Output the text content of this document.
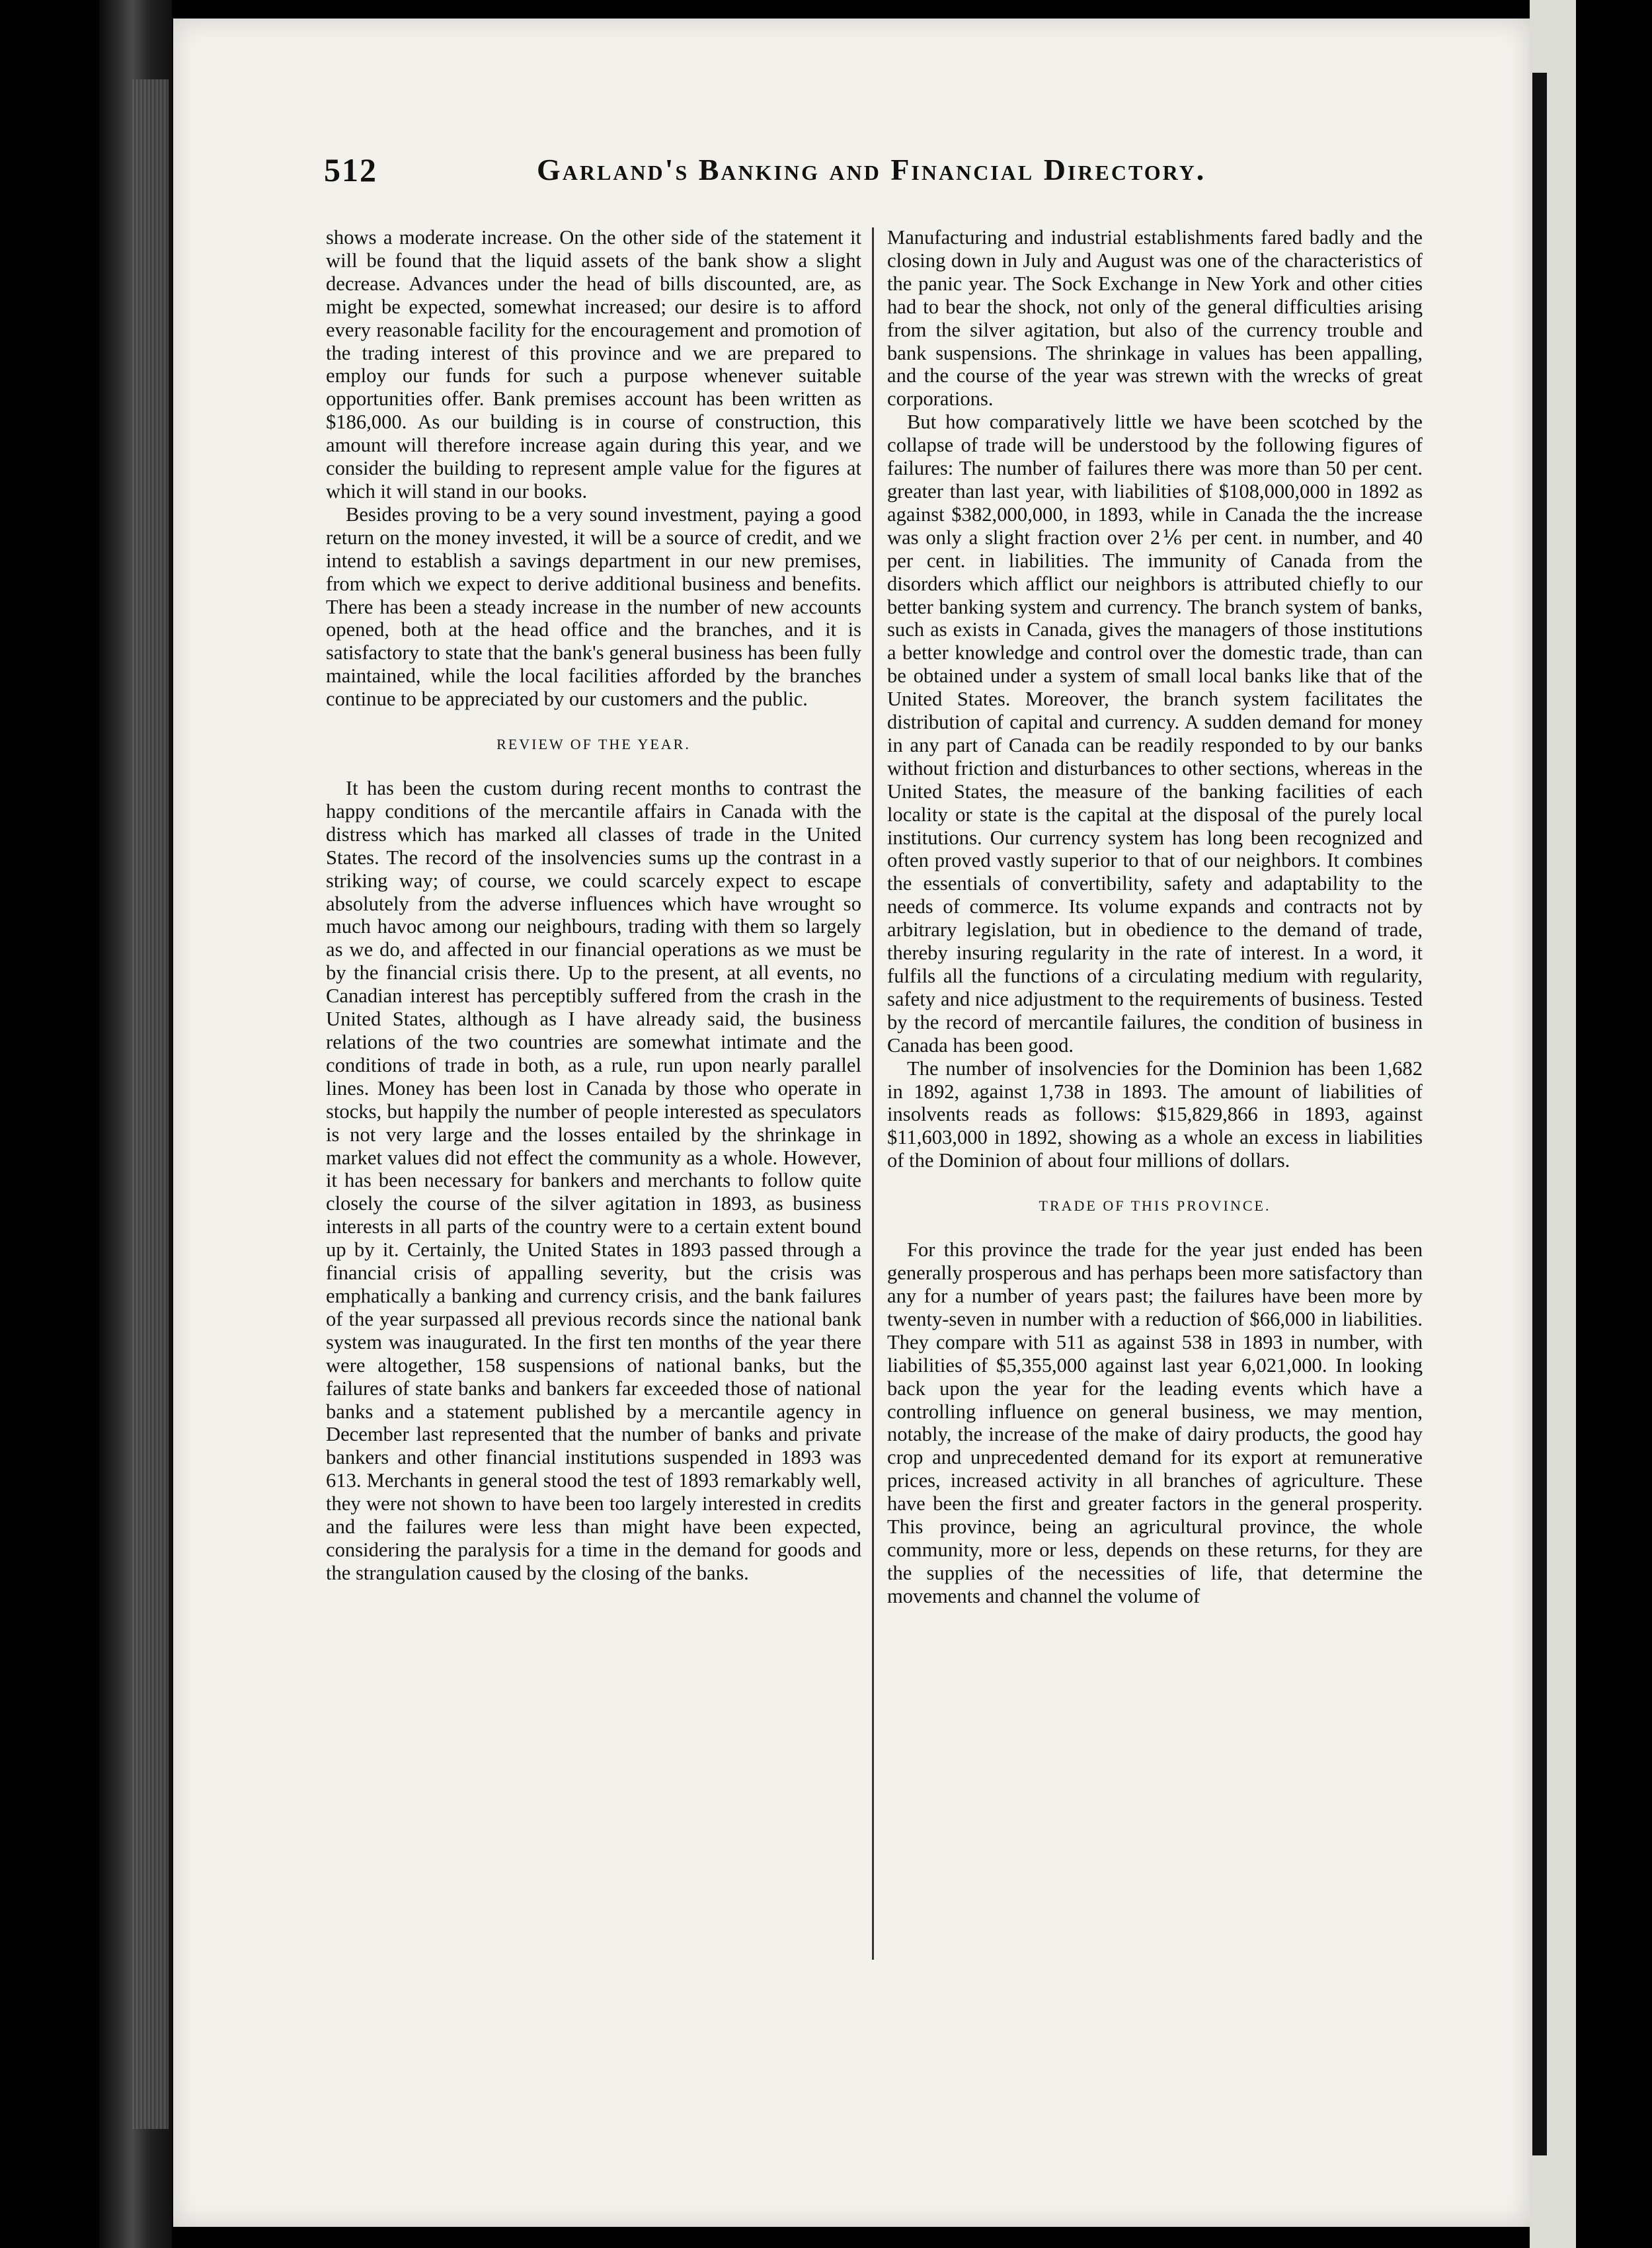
512	Garland's Banking and Financial Directory.

shows a moderate increase. On the other side of the statement it will be found that the liquid assets of the bank show a slight decrease. Advances under the head of bills discounted, are, as might be expected, somewhat increased; our desire is to afford every reasonable facility for the encouragement and promotion of the trading interest of this province and we are prepared to employ our funds for such a purpose whenever suitable opportunities offer. Bank premises account has been written as $186,000. As our building is in course of construction, this amount will therefore increase again during this year, and we consider the building to represent ample value for the figures at which it will stand in our books.

Besides proving to be a very sound investment, paying a good return on the money invested, it will be a source of credit, and we intend to establish a savings department in our new premises, from which we expect to derive additional business and benefits. There has been a steady increase in the number of new accounts opened, both at the head office and the branches, and it is satisfactory to state that the bank's general business has been fully maintained, while the local facilities afforded by the branches continue to be appreciated by our customers and the public.

REVIEW OF THE YEAR.

It has been the custom during recent months to contrast the happy conditions of the mercantile affairs in Canada with the distress which has marked all classes of trade in the United States. The record of the insolvencies sums up the contrast in a striking way; of course, we could scarcely expect to escape absolutely from the adverse influences which have wrought so much havoc among our neighbours, trading with them so largely as we do, and affected in our financial operations as we must be by the financial crisis there. Up to the present, at all events, no Canadian interest has perceptibly suffered from the crash in the United States, although as I have already said, the business relations of the two countries are somewhat intimate and the conditions of trade in both, as a rule, run upon nearly parallel lines. Money has been lost in Canada by those who operate in stocks, but happily the number of people interested as speculators is not very large and the losses entailed by the shrinkage in market values did not effect the community as a whole. However, it has been necessary for bankers and merchants to follow quite closely the course of the silver agitation in 1893, as business interests in all parts of the country were to a certain extent bound up by it. Certainly, the United States in 1893 passed through a financial crisis of appalling severity, but the crisis was emphatically a banking and currency crisis, and the bank failures of the year surpassed all previous records since the national bank system was inaugurated. In the first ten months of the year there were altogether, 158 suspensions of national banks, but the failures of state banks and bankers far exceeded those of national banks and a statement published by a mercantile agency in December last represented that the number of banks and private bankers and other financial institutions suspended in 1893 was 613. Merchants in general stood the test of 1893 remarkably well, they were not shown to have been too largely interested in credits and the failures were less than might have been expected, considering the paralysis for a time in the demand for goods and the strangulation caused by the closing of the banks.

Manufacturing and industrial establishments fared badly and the closing down in July and August was one of the characteristics of the panic year. The Sock Exchange in New York and other cities had to bear the shock, not only of the general difficulties arising from the silver agitation, but also of the currency trouble and bank suspensions. The shrinkage in values has been appalling, and the course of the year was strewn with the wrecks of great corporations.

But how comparatively little we have been scotched by the collapse of trade will be understood by the following figures of failures: The number of failures there was more than 50 per cent. greater than last year, with liabilities of $108,000,000 in 1892 as against $382,000,000, in 1893, while in Canada the the increase was only a slight fraction over 2⅙ per cent. in number, and 40 per cent. in liabilities. The immunity of Canada from the disorders which afflict our neighbors is attributed chiefly to our better banking system and currency. The branch system of banks, such as exists in Canada, gives the managers of those institutions a better knowledge and control over the domestic trade, than can be obtained under a system of small local banks like that of the United States. Moreover, the branch system facilitates the distribution of capital and currency. A sudden demand for money in any part of Canada can be readily responded to by our banks without friction and disturbances to other sections, whereas in the United States, the measure of the banking facilities of each locality or state is the capital at the disposal of the purely local institutions. Our currency system has long been recognized and often proved vastly superior to that of our neighbors. It combines the essentials of convertibility, safety and adaptability to the needs of commerce. Its volume expands and contracts not by arbitrary legislation, but in obedience to the demand of trade, thereby insuring regularity in the rate of interest. In a word, it fulfils all the functions of a circulating medium with regularity, safety and nice adjustment to the requirements of business. Tested by the record of mercantile failures, the condition of business in Canada has been good.

The number of insolvencies for the Dominion has been 1,682 in 1892, against 1,738 in 1893. The amount of liabilities of insolvents reads as follows: $15,829,866 in 1893, against $11,603,000 in 1892, showing as a whole an excess in liabilities of the Dominion of about four millions of dollars.

TRADE OF THIS PROVINCE.

For this province the trade for the year just ended has been generally prosperous and has perhaps been more satisfactory than any for a number of years past; the failures have been more by twenty-seven in number with a reduction of $66,000 in liabilities. They compare with 511 as against 538 in 1893 in number, with liabilities of $5,355,000 against last year 6,021,000. In looking back upon the year for the leading events which have a controlling influence on general business, we may mention, notably, the increase of the make of dairy products, the good hay crop and unprecedented demand for its export at remunerative prices, increased activity in all branches of agriculture. These have been the first and greater factors in the general prosperity. This province, being an agricultural province, the whole community, more or less, depends on these returns, for they are the supplies of the necessities of life, that determine the movements and channel the volume of
